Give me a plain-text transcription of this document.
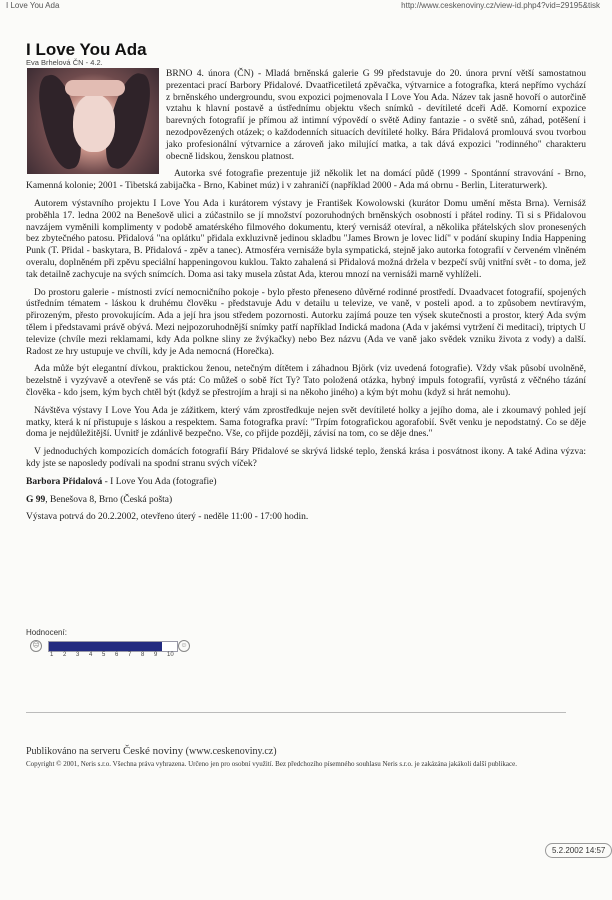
I Love You Ada	http://www.ceskenoviny.cz/view-id.php4?vid=29195&tisk
I Love You Ada
Eva Brhelová ČN - 4.2.

BRNO 4. února (ČN) - Mladá brněnská galerie G 99 představuje do 20. února první větší samostatnou prezentaci prací Barbory Přidalové. Dvaatřicetiletá zpěvačka, výtvarnice a fotografka, která nepřímo vychází z brněnského undergroundu, svou expozici pojmenovala I Love You Ada. Název tak jasně hovoří o autorčině vztahu k hlavní postavě a ústřednímu objektu všech snímků - devítileté dceři Adě. Komorní expozice barevných fotografií je přímou až intimní výpovědí o světě Adiny fantazie - o světě snů, záhad, potěšení i nezodpovězených otázek; o každodenních situacích devítileté holky. Bára Přidalová promlouvá svou tvorbou jako profesionální výtvarnice a zároveň jako milující matka, a tak dává expozici "rodinného" charakteru obecně lidskou, ženskou platnost.

Autorka své fotografie prezentuje již několik let na domácí půdě (1999 - Spontánní stravování - Brno, Kamenná kolonie; 2001 - Tibetská zabijačka - Brno, Kabinet múz) i v zahraničí (například 2000 - Ada má obrnu - Berlin, Literaturwerk).

Autorem výstavního projektu I Love You Ada i kurátorem výstavy je František Kowolowski (kurátor Domu umění města Brna). Vernisáž proběhla 17. ledna 2002 na Benešově ulici a zúčastnilo se jí množství pozoruhodných brněnských osobností i přátel rodiny. Ti si s Přidalovou navzájem vyměnili komplimenty v podobě amatérského filmového dokumentu, který vernisáž otevíral, a několika přátelských slov pronesených bez zbytečného patosu. Přidalová "na oplátku" přidala exkluzivně jedinou skladbu "James Brown je lovec lidí" v podání skupiny India Happening Punk (T. Přidal - baskytara, B. Přidalová - zpěv a tanec). Atmosféra vernisáže byla sympatická, stejně jako autorka fotografií v červeném vlněném overalu, doplněném při zpěvu speciální happeningovou kuklou. Takto zahalená si Přidalová možná držela v bezpečí svůj vnitřní svět - to doma, jež tak detailně zachycuje na svých snímcích. Doma asi taky musela zůstat Ada, kterou mnozí na vernisáži marně vyhlíželi.

Do prostoru galerie - místnosti zvící nemocničního pokoje - bylo přesto přeneseno důvěrné rodinné prostředí. Dvaadvacet fotografií, spojených ústředním tématem - láskou k druhému člověku - představuje Adu v detailu u televize, ve vaně, v posteli apod. a to způsobem nevtíravým, přirozeným, přesto provokujícím. Ada a její hra jsou středem pozornosti. Autorku zajímá pouze ten výsek skutečnosti a prostor, který Ada svým tělem i představami právě obývá. Mezi nejpozoruhodnější snímky patří například Indická madona (Ada v jakémsi vytržení či meditaci), triptych U televize (chvíle mezi reklamami, kdy Ada polkne sliny ze žvýkačky) nebo Bez názvu (Ada ve vaně jako svědek vzniku života z vody) a další. Radost ze hry ustupuje ve chvíli, kdy je Ada nemocná (Horečka).

Ada může být elegantní dívkou, praktickou ženou, netečným dítětem i záhadnou Björk (viz uvedená fotografie). Vždy však působí uvolněně, bezelstně i vyzývavě a otevřeně se vás ptá: Co můžeš o sobě říct Ty? Tato položená otázka, hybný impuls fotografií, vyrůstá z věčného tázání člověka - kdo jsem, kým bych chtěl být (když se přestrojím a hraji si na někoho jiného) a kým být mohu (když si hrát nemohu).

Návštěva výstavy I Love You Ada je zážitkem, který vám zprostředkuje nejen svět devítileté holky a jejího doma, ale i zkoumavý pohled její matky, která k ní přistupuje s láskou a respektem. Sama fotografka praví: "Trpím fotografickou agorafobií. Svět venku je nepodstatný. Co se děje doma je nejdůležitější. Uvnitř je zdánlivě bezpečno. Vše, co přijde později, závisí na tom, co se děje dnes."

V jednoduchých kompozicích domácích fotografií Báry Přidalové se skrývá lidské teplo, ženská krása i posvátnost ikony. A také Adina výzva: kdy jste se naposledy podívali na spodní stranu svých víček?

Barbora Přidalová - I Love You Ada (fotografie)
G 99, Benešova 8, Brno (Česká pošta)
Výstava potrvá do 20.2.2002, otevřeno úterý - neděle 11:00 - 17:00 hodin.
Hodnocení:
☹	☺
1 2 3 4 5 6 7 8 9 10
Publikováno na serveru České noviny (www.ceskenoviny.cz)
Copyright © 2001, Neris s.r.o. Všechna práva vyhrazena. Určeno jen pro osobní využití. Bez předchozího písemného souhlasu Neris s.r.o. je zakázána jakákoli další publikace.
5.2.2002 14:57
